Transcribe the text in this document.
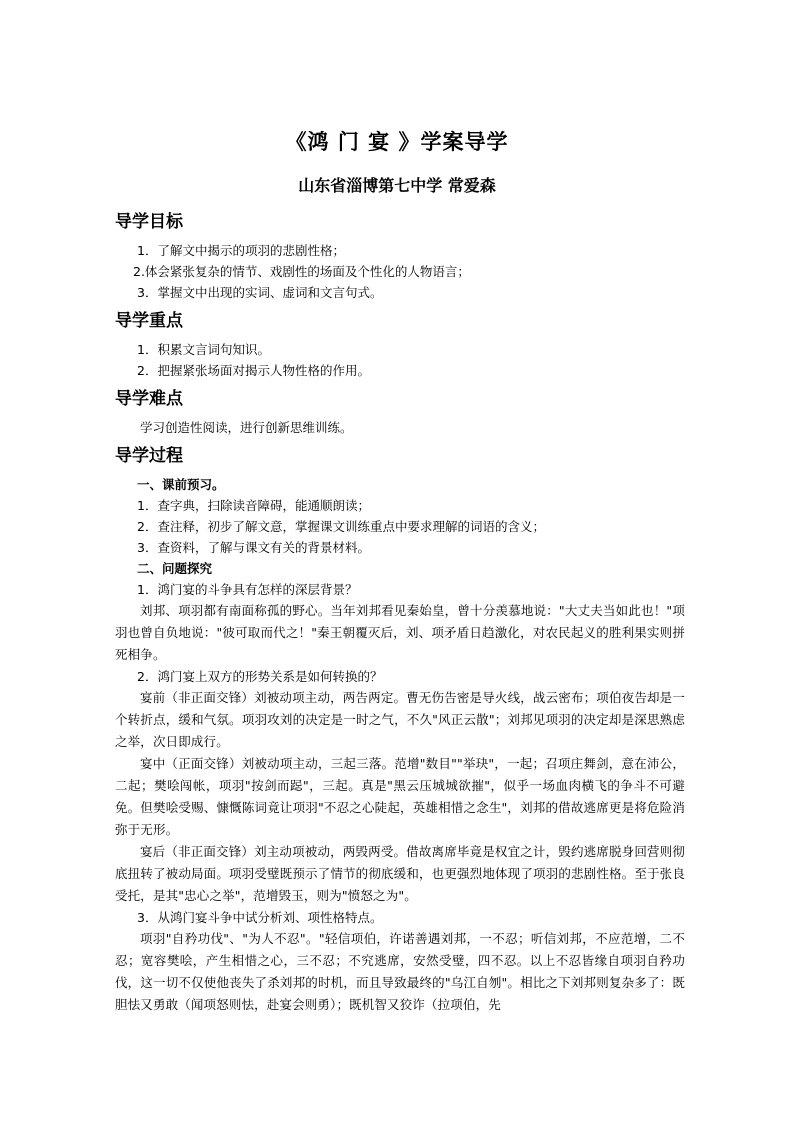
《鸿 门 宴 》学案导学
山东省淄博第七中学 常爱森
导学目标

1．了解文中揭示的项羽的悲剧性格；

2.体会紧张复杂的情节、戏剧性的场面及个性化的人物语言；

3．掌握文中出现的实词、虚词和文言句式。

导学重点

1．积累文言词句知识。

2．把握紧张场面对揭示人物性格的作用。

导学难点

学习创造性阅读，进行创新思维训练。

导学过程

一、课前预习。

1．查字典，扫除读音障碍，能通顺朗读；

2．查注释，初步了解文意，掌握课文训练重点中要求理解的词语的含义；

3．查资料，了解与课文有关的背景材料。

二、问题探究

1．鸿门宴的斗争具有怎样的深层背景？

刘邦、项羽都有南面称孤的野心。当年刘邦看见秦始皇，曾十分羡慕地说："大丈夫当如此也！"项羽也曾自负地说："彼可取而代之！"秦王朝覆灭后，刘、项矛盾日趋激化，对农民起义的胜利果实则拼死相争。

2．鸿门宴上双方的形势关系是如何转换的？

宴前（非正面交锋）刘被动项主动，两告两定。曹无伤告密是导火线，战云密布；项伯夜告却是一个转折点，缓和气氛。项羽攻刘的决定是一时之气，不久"风正云散"；刘邦见项羽的决定却是深思熟虑之举，次日即成行。

宴中（正面交锋）刘被动项主动，三起三落。范增"数目""举玦"，一起；召项庄舞剑，意在沛公，二起；樊哙闯帐，项羽"按剑而跽"，三起。真是"黑云压城城欲摧"，似乎一场血肉横飞的争斗不可避免。但樊哙受赐、慷慨陈词竟让项羽"不忍之心陡起，英雄相惜之念生"，刘邦的借故逃席更是将危险消弥于无形。

宴后（非正面交锋）刘主动项被动，两毁两受。借故离席毕竟是权宜之计，毁约逃席脱身回营则彻底扭转了被动局面。项羽受璧既预示了情节的彻底缓和，也更强烈地体现了项羽的悲剧性格。至于张良受托，是其"忠心之举"，范增毁玉，则为"愤怒之为"。

3．从鸿门宴斗争中试分析刘、项性格特点。

项羽"自矜功伐"、"为人不忍"。"轻信项伯，许诺善遇刘邦，一不忍；听信刘邦，不应范增，二不忍；宽容樊哙，产生相惜之心，三不忍；不究逃席，安然受璧，四不忍。以上不忍皆缘自项羽自矜功伐，这一切不仅使他丧失了杀刘邦的时机，而且导致最终的"乌江自刎"。相比之下刘邦则复杂多了：既胆怯又勇敢（闻项怒则怯，赴宴会则勇）；既机智又狡诈（拉项伯，先
